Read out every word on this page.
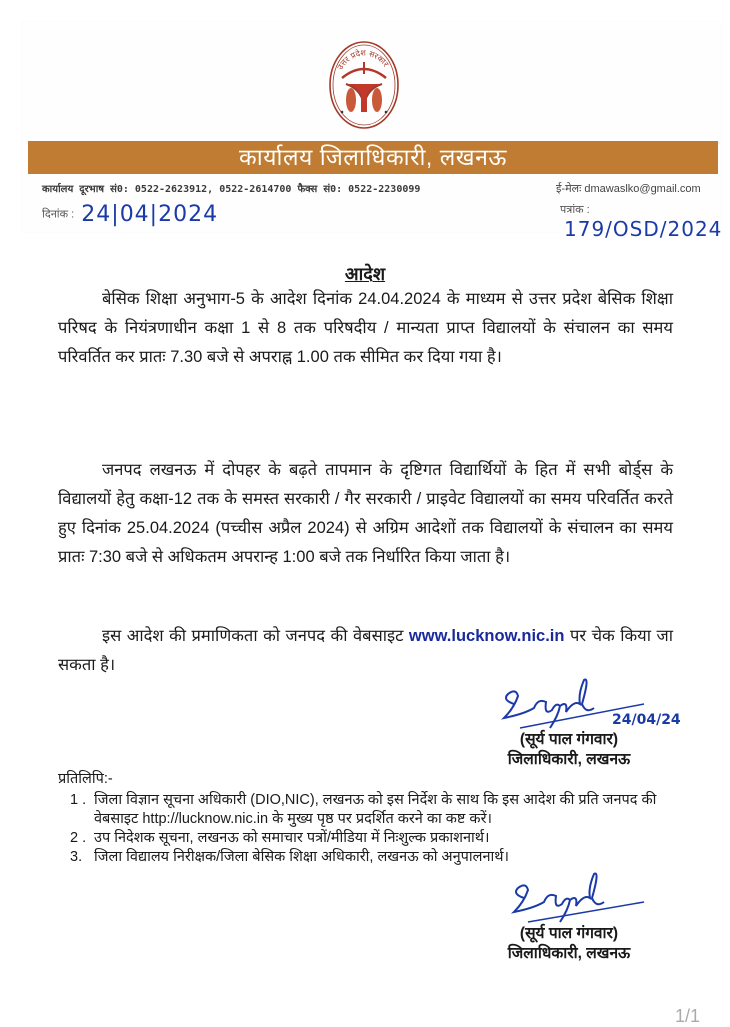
उत्तर प्रदेश सरकार
कार्यालय जिलाधिकारी, लखनऊ
कार्यालय दूरभाष सं0: 0522-2623912, 0522-2614700 फैक्स सं0: 0522-2230099	ई-मेलः dmawaslko@gmail.com
दिनांक : 24|04|2024	पत्रांक : 179/OSD/2024
आदेश
बेसिक शिक्षा अनुभाग-5 के आदेश दिनांक 24.04.2024 के माध्यम से उत्तर प्रदेश बेसिक शिक्षा परिषद के नियंत्रणाधीन कक्षा 1 से 8 तक परिषदीय / मान्यता प्राप्त विद्यालयों के संचालन का समय परिवर्तित कर प्रातः 7.30 बजे से अपराह्न 1.00 तक सीमित कर दिया गया है।
जनपद लखनऊ में दोपहर के बढ़ते तापमान के दृष्टिगत विद्यार्थियों के हित में सभी बोर्ड्स के विद्यालयों हेतु कक्षा-12 तक के समस्त सरकारी / गैर सरकारी / प्राइवेट विद्यालयों का समय परिवर्तित करते हुए दिनांक 25.04.2024 (पच्चीस अप्रैल 2024) से अग्रिम आदेशों तक विद्यालयों के संचालन का समय प्रातः 7:30 बजे से अधिकतम अपरान्ह 1:00 बजे तक निर्धारित किया जाता है।
इस आदेश की प्रमाणिकता को जनपद की वेबसाइट www.lucknow.nic.in पर चेक किया जा सकता है।
24/04/24
(सूर्य पाल गंगवार)
जिलाधिकारी, लखनऊ
प्रतिलिपि:-
1 . जिला विज्ञान सूचना अधिकारी (DIO,NIC), लखनऊ को इस निर्देश के साथ कि इस आदेश की प्रति जनपद की वेबसाइट http://lucknow.nic.in के मुख्य पृष्ठ पर प्रदर्शित करने का कष्ट करें।
2 . उप निदेशक सूचना, लखनऊ को समाचार पत्रों/मीडिया में निःशुल्क प्रकाशनार्थ।
3. जिला विद्यालय निरीक्षक/जिला बेसिक शिक्षा अधिकारी, लखनऊ को अनुपालनार्थ।
(सूर्य पाल गंगवार)
जिलाधिकारी, लखनऊ
1/1
